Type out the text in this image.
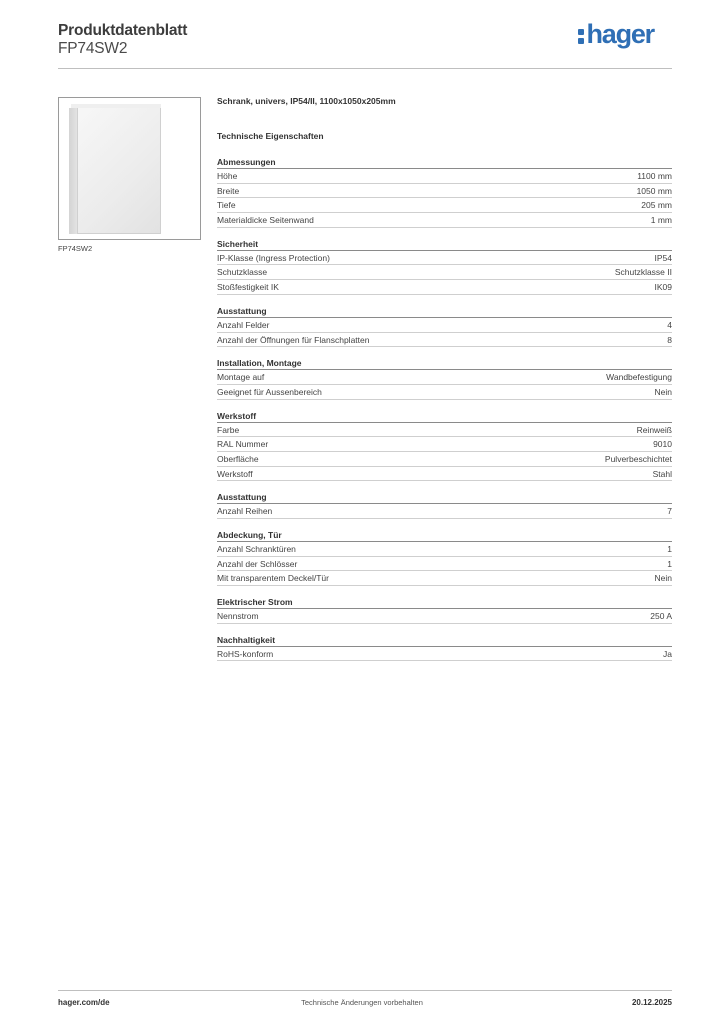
Produktdatenblatt
FP74SW2	hager
FP74SW2
Schrank, univers, IP54/II, 1100x1050x205mm
Technische Eigenschaften
Abmessungen
Höhe	1100 mm
Breite	1050 mm
Tiefe	205 mm
Materialdicke Seitenwand	1 mm
Sicherheit
IP-Klasse (Ingress Protection)	IP54
Schutzklasse	Schutzklasse II
Stoßfestigkeit IK	IK09
Ausstattung
Anzahl Felder	4
Anzahl der Öffnungen für Flanschplatten	8
Installation, Montage
Montage auf	Wandbefestigung
Geeignet für Aussenbereich	Nein
Werkstoff
Farbe	Reinweiß
RAL Nummer	9010
Oberfläche	Pulverbeschichtet
Werkstoff	Stahl
Ausstattung
Anzahl Reihen	7
Abdeckung, Tür
Anzahl Schranktüren	1
Anzahl der Schlösser	1
Mit transparentem Deckel/Tür	Nein
Elektrischer Strom
Nennstrom	250 A
Nachhaltigkeit
RoHS-konform	Ja
hager.com/de	Technische Änderungen vorbehalten	20.12.2025
